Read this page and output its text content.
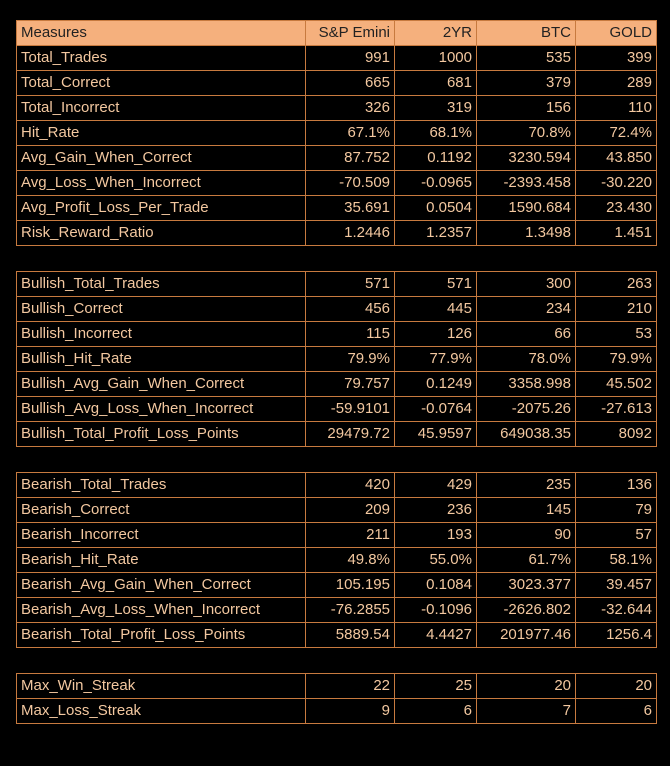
Measures	S&P Emini	2YR	BTC	GOLD
Total_Trades	991	1000	535	399
Total_Correct	665	681	379	289
Total_Incorrect	326	319	156	110
Hit_Rate	67.1%	68.1%	70.8%	72.4%
Avg_Gain_When_Correct	87.752	0.1192	3230.594	43.850
Avg_Loss_When_Incorrect	-70.509	-0.0965	-2393.458	-30.220
Avg_Profit_Loss_Per_Trade	35.691	0.0504	1590.684	23.430
Risk_Reward_Ratio	1.2446	1.2357	1.3498	1.451

Bullish_Total_Trades	571	571	300	263
Bullish_Correct	456	445	234	210
Bullish_Incorrect	115	126	66	53
Bullish_Hit_Rate	79.9%	77.9%	78.0%	79.9%
Bullish_Avg_Gain_When_Correct	79.757	0.1249	3358.998	45.502
Bullish_Avg_Loss_When_Incorrect	-59.9101	-0.0764	-2075.26	-27.613
Bullish_Total_Profit_Loss_Points	29479.72	45.9597	649038.35	8092

Bearish_Total_Trades	420	429	235	136
Bearish_Correct	209	236	145	79
Bearish_Incorrect	211	193	90	57
Bearish_Hit_Rate	49.8%	55.0%	61.7%	58.1%
Bearish_Avg_Gain_When_Correct	105.195	0.1084	3023.377	39.457
Bearish_Avg_Loss_When_Incorrect	-76.2855	-0.1096	-2626.802	-32.644
Bearish_Total_Profit_Loss_Points	5889.54	4.4427	201977.46	1256.4

Max_Win_Streak	22	25	20	20
Max_Loss_Streak	9	6	7	6
